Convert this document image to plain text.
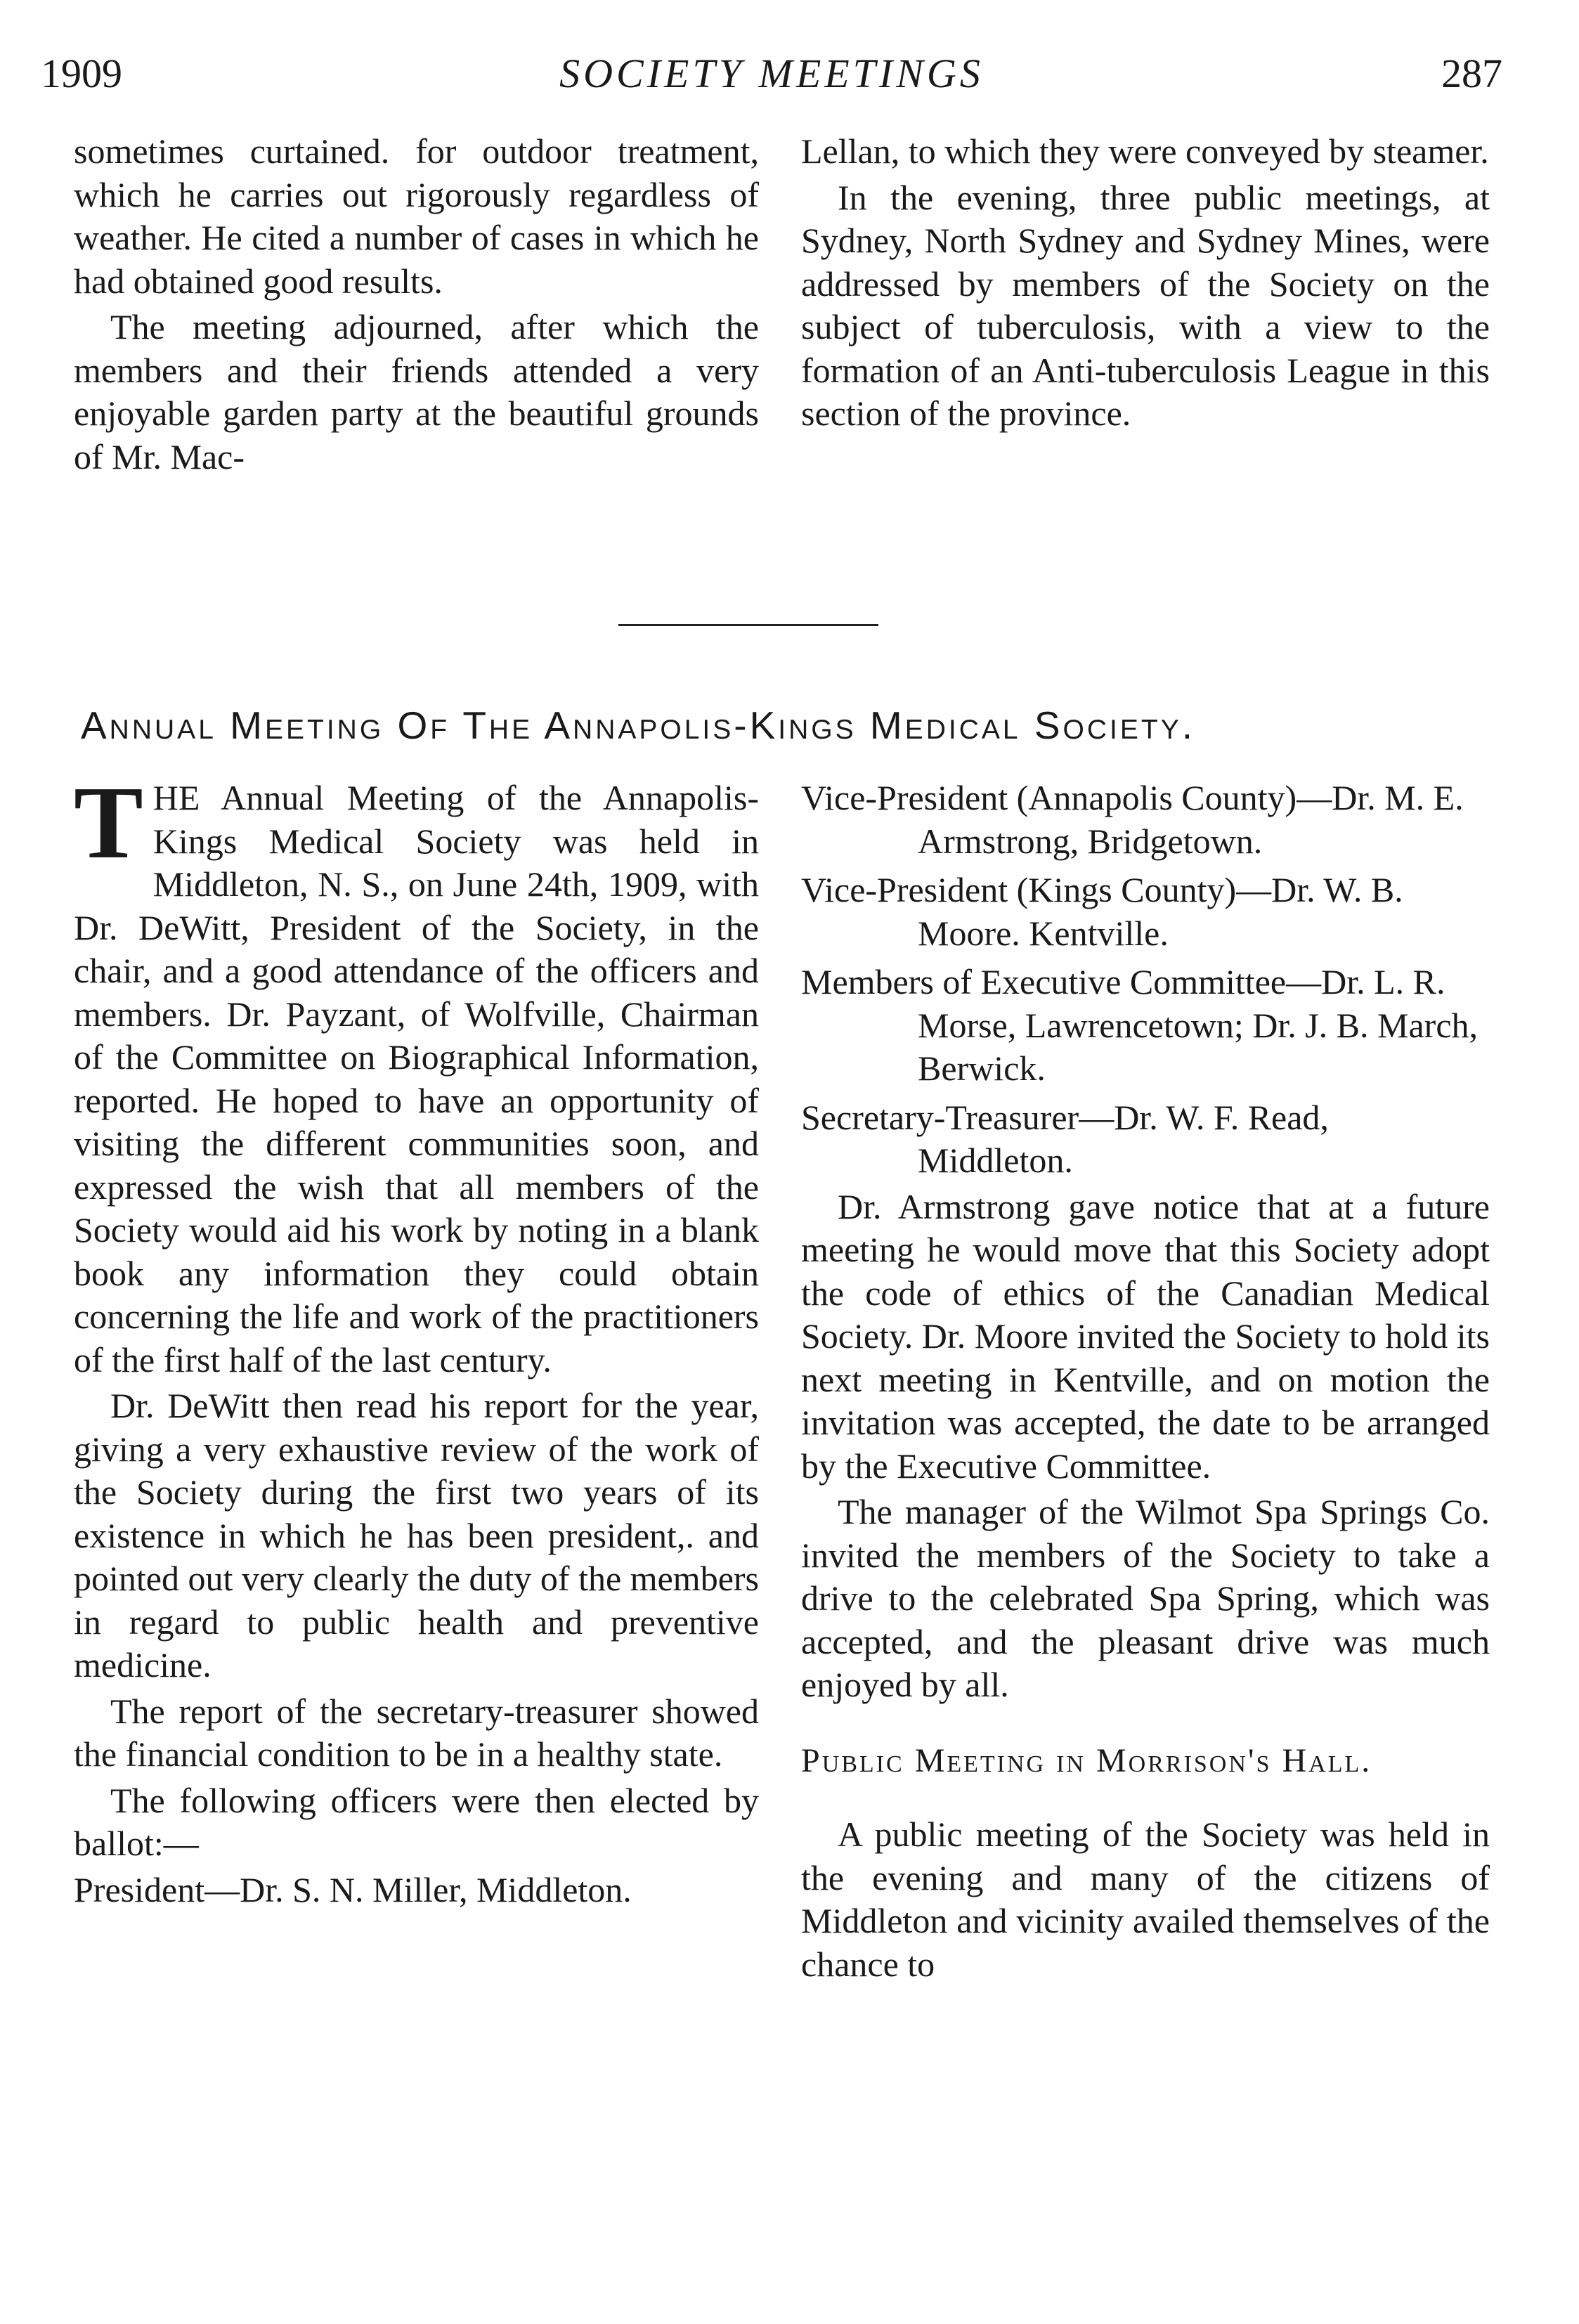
1909	SOCIETY MEETINGS	287

sometimes curtained. for outdoor treatment, which he carries out rigorously regardless of weather. He cited a number of cases in which he had obtained good results.

The meeting adjourned, after which the members and their friends attended a very enjoyable garden party at the beautiful grounds of Mr. Mac-

Lellan, to which they were conveyed by steamer.

In the evening, three public meetings, at Sydney, North Sydney and Sydney Mines, were addressed by members of the Society on the subject of tuberculosis, with a view to the formation of an Anti-tuberculosis League in this section of the province.

Annual Meeting Of The Annapolis-Kings Medical Society.

THE Annual Meeting of the Annapolis-Kings Medical Society was held in Middleton, N. S., on June 24th, 1909, with Dr. DeWitt, President of the Society, in the chair, and a good attendance of the officers and members. Dr. Payzant, of Wolfville, Chairman of the Committee on Biographical Information, reported. He hoped to have an opportunity of visiting the different communities soon, and expressed the wish that all members of the Society would aid his work by noting in a blank book any information they could obtain concerning the life and work of the practitioners of the first half of the last century.

Dr. DeWitt then read his report for the year, giving a very exhaustive review of the work of the Society during the first two years of its existence in which he has been president,. and pointed out very clearly the duty of the members in regard to public health and preventive medicine.

The report of the secretary-treasurer showed the financial condition to be in a healthy state.

The following officers were then elected by ballot:—

President—Dr. S. N. Miller, Middleton.

Vice-President (Annapolis County)—Dr. M. E. Armstrong, Bridgetown.

Vice-President (Kings County)—Dr. W. B. Moore. Kentville.

Members of Executive Committee—Dr. L. R. Morse, Lawrencetown; Dr. J. B. March, Berwick.

Secretary-Treasurer—Dr. W. F. Read, Middleton.

Dr. Armstrong gave notice that at a future meeting he would move that this Society adopt the code of ethics of the Canadian Medical Society. Dr. Moore invited the Society to hold its next meeting in Kentville, and on motion the invitation was accepted, the date to be arranged by the Executive Committee.

The manager of the Wilmot Spa Springs Co. invited the members of the Society to take a drive to the celebrated Spa Spring, which was accepted, and the pleasant drive was much enjoyed by all.

Public Meeting in Morrison's Hall.

A public meeting of the Society was held in the evening and many of the citizens of Middleton and vicinity availed themselves of the chance to
